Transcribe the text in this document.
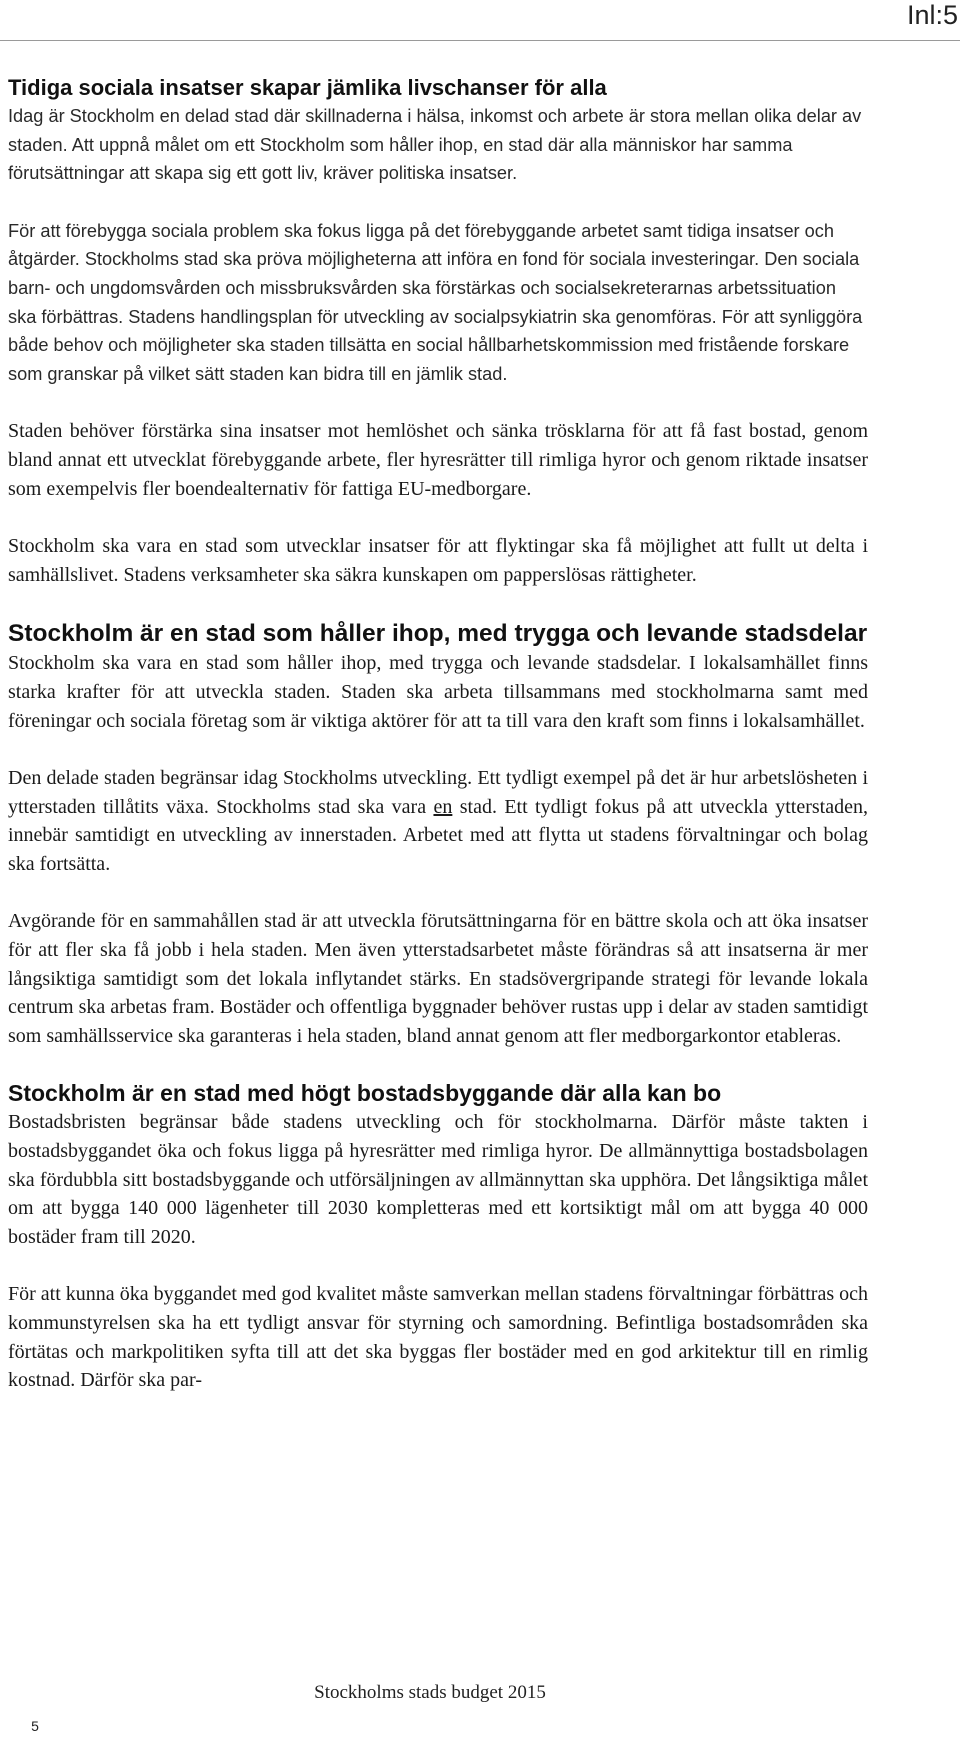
Inl:5
Tidiga sociala insatser skapar jämlika livschanser för alla

Idag är Stockholm en delad stad där skillnaderna i hälsa, inkomst och arbete är stora mellan olika delar av staden. Att uppnå målet om ett Stockholm som håller ihop, en stad där alla människor har samma förutsättningar att skapa sig ett gott liv, kräver politiska insatser.

För att förebygga sociala problem ska fokus ligga på det förebyggande arbetet samt tidiga insatser och åtgärder. Stockholms stad ska pröva möjligheterna att införa en fond för sociala investeringar. Den sociala barn- och ungdomsvården och missbruksvården ska förstärkas och socialsekreterarnas arbetssituation ska förbättras. Stadens handlingsplan för utveckling av socialpsykiatrin ska genomföras. För att synliggöra både behov och möjligheter ska staden tillsätta en social hållbarhetskommission med fristående forskare som granskar på vilket sätt staden kan bidra till en jämlik stad.

Staden behöver förstärka sina insatser mot hemlöshet och sänka trösklarna för att få fast bostad, genom bland annat ett utvecklat förebyggande arbete, fler hyresrätter till rimliga hyror och genom riktade insatser som exempelvis fler boendealternativ för fattiga EU-medborgare.

Stockholm ska vara en stad som utvecklar insatser för att flyktingar ska få möjlighet att fullt ut delta i samhällslivet. Stadens verksamheter ska säkra kunskapen om papperslösas rättigheter.

Stockholm är en stad som håller ihop, med trygga och levande stadsdelar

Stockholm ska vara en stad som håller ihop, med trygga och levande stadsdelar. I lokalsamhället finns starka krafter för att utveckla staden. Staden ska arbeta tillsammans med stockholmarna samt med föreningar och sociala företag som är viktiga aktörer för att ta till vara den kraft som finns i lokalsamhället.

Den delade staden begränsar idag Stockholms utveckling. Ett tydligt exempel på det är hur arbetslösheten i ytterstaden tillåtits växa. Stockholms stad ska vara en stad. Ett tydligt fokus på att utveckla ytterstaden, innebär samtidigt en utveckling av innerstaden. Arbetet med att flytta ut stadens förvaltningar och bolag ska fortsätta.

Avgörande för en sammahållen stad är att utveckla förutsättningarna för en bättre skola och att öka insatser för att fler ska få jobb i hela staden. Men även ytterstadsarbetet måste förändras så att insatserna är mer långsiktiga samtidigt som det lokala inflytandet stärks. En stadsövergripande strategi för levande lokala centrum ska arbetas fram. Bostäder och offentliga byggnader behöver rustas upp i delar av staden samtidigt som samhällsservice ska garanteras i hela staden, bland annat genom att fler medborgarkontor etableras.

Stockholm är en stad med högt bostadsbyggande där alla kan bo

Bostadsbristen begränsar både stadens utveckling och för stockholmarna. Därför måste takten i bostadsbyggandet öka och fokus ligga på hyresrätter med rimliga hyror. De allmännyttiga bostadsbolagen ska fördubbla sitt bostadsbyggande och utförsäljningen av allmännyttan ska upphöra. Det långsiktiga målet om att bygga 140 000 lägenheter till 2030 kompletteras med ett kortsiktigt mål om att bygga 40 000 bostäder fram till 2020.

För att kunna öka byggandet med god kvalitet måste samverkan mellan stadens förvaltningar förbättras och kommunstyrelsen ska ha ett tydligt ansvar för styrning och samordning. Befintliga bostadsområden ska förtätas och markpolitiken syfta till att det ska byggas fler bostäder med en god arkitektur till en rimlig kostnad. Därför ska par-

Stockholms stads budget 2015
5
